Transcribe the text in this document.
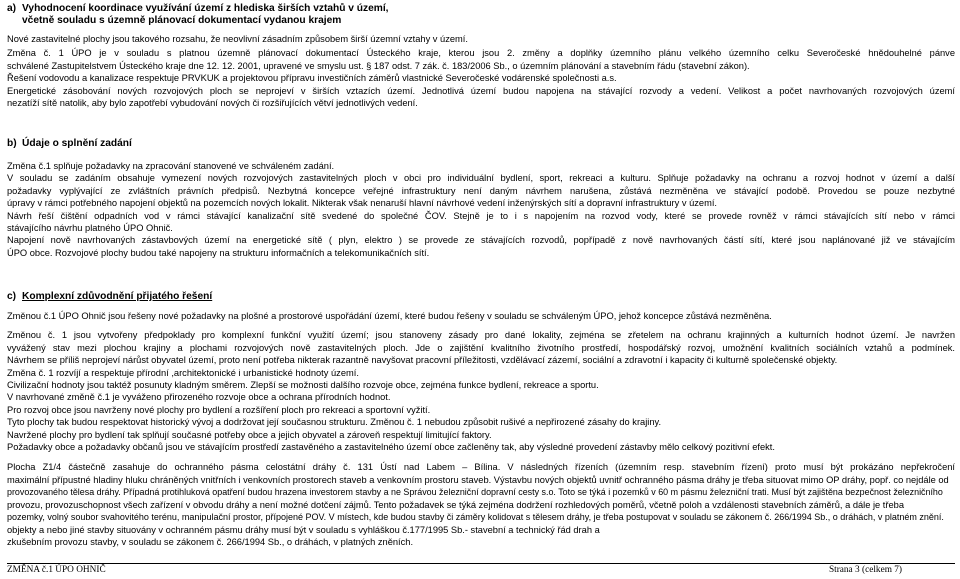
a) Vyhodnocení koordinace využívání území z hlediska širších vztahů v území,
včetně souladu s územně plánovací dokumentací vydanou krajem

Nové zastavitelné plochy jsou takového rozsahu, že neovlivní zásadním způsobem širší územní vztahy v území.

Změna č. 1 ÚPO je v souladu s platnou územně plánovací dokumentací Ústeckého kraje, kterou jsou 2. změny a doplňky územního plánu velkého územního celku Severočeské hnědouhelné pánve

schválené Zastupitelstvem Ústeckého kraje dne 12. 12. 2001, upravené ve smyslu ust. § 187 odst. 7 zák. č. 183/2006 Sb., o územním plánování a stavebním řádu (stavební zákon).

Řešení vodovodu a kanalizace respektuje PRVKUK a projektovou přípravu investičních záměrů vlastnické Severočeské vodárenské společnosti a.s.

Energetické zásobování nových rozvojových ploch se neprojeví v širších vztazích území. Jednotlivá území budou napojena na stávající rozvody a vedení. Velikost a počet navrhovaných rozvojových území

nezatíží sítě natolik, aby bylo zapotřebí vybudování nových či rozšiřujících větví jednotlivých vedení.

b) Údaje o splnění zadání

Změna č.1 splňuje požadavky na zpracování stanovené ve schváleném zadání.

V souladu se zadáním obsahuje vymezení nových rozvojových zastavitelných ploch v obci pro individuální bydlení, sport, rekreaci a kulturu. Splňuje požadavky na ochranu a rozvoj hodnot v území a další

požadavky vyplývající ze zvláštních právních předpisů. Nezbytná koncepce veřejné infrastruktury není daným návrhem narušena, zůstává nezměněna ve stávající podobě. Provedou se pouze nezbytné

úpravy v rámci potřebného napojení objektů na pozemcích nových lokalit. Nikterak však nenaruší hlavní návrhové vedení inženýrských sítí a dopravní infrastruktury v území.

Návrh řeší čištění odpadních vod v rámci stávající kanalizační sítě svedené do společné ČOV. Stejně je to i s napojením na rozvod vody, které se provede rovněž v rámci stávajících sítí nebo v rámci

stávajícího návrhu platného ÚPO Ohnič.

Napojení nově navrhovaných zástavbových území na energetické sítě ( plyn, elektro ) se provede ze stávajících rozvodů, popřípadě z nově navrhovaných částí sítí, které jsou naplánované již ve stávajícím

ÚPO obce. Rozvojové plochy budou také napojeny na strukturu informačních a telekomunikačních sítí.

c) Komplexní zdůvodnění přijatého řešení

Změnou č.1 ÚPO Ohnič jsou řešeny nové požadavky na plošné a prostorové uspořádání území, které budou řešeny v souladu se schváleným ÚPO, jehož koncepce zůstává nezměněna.

Změnou č. 1 jsou vytvořeny předpoklady pro komplexní funkční využití území; jsou stanoveny zásady pro dané lokality, zejména se zřetelem na ochranu krajinných a kulturních hodnot území. Je navržen

vyvážený stav mezi plochou krajiny a plochami rozvojových nově zastavitelných ploch. Jde o zajištění kvalitního životního prostředí, hospodářský rozvoj, umožnění kvalitních sociálních vztahů a podmínek.

Návrhem se příliš neprojeví nárůst obyvatel území, proto není potřeba nikterak razantně navyšovat pracovní příležitosti, vzdělávací zázemí, sociální a zdravotní i kapacity či kulturně společenské objekty.

Změna č. 1 rozvíjí a respektuje přírodní ,architektonické i urbanistické hodnoty území.

Civilizační hodnoty jsou taktéž posunuty kladným směrem. Zlepší se možnosti dalšího rozvoje obce, zejména funkce bydlení, rekreace a sportu.

V navrhované změně č.1 je vyváženo přirozeného rozvoje obce a ochrana přírodních hodnot.

Pro rozvoj obce jsou navrženy nové plochy pro bydlení a rozšíření ploch pro rekreaci a sportovní vyžití.

Tyto plochy tak budou respektovat historický vývoj a dodržovat její současnou strukturu. Změnou č. 1 nebudou způsobit rušivé a nepřirozené zásahy do krajiny.

Navržené plochy pro bydlení tak splňují současné potřeby obce a jejich obyvatel a zároveň respektují limitující faktory.

Požadavky obce a požadavky občanů jsou ve stávajícím prostředí zastavěného a zastavitelného území obce začleněny tak, aby výsledné provedení zástavby mělo celkový pozitivní efekt.

Plocha Z1/4 částečně zasahuje do ochranného pásma celostátní dráhy č. 131 Ústí nad Labem – Bílina. V následných řízeních (územním resp. stavebním řízení) proto musí být prokázáno nepřekročení

maximální přípustné hladiny hluku chráněných vnitřních i venkovních prostorech staveb a venkovním prostoru staveb. Výstavbu nových objektů uvnitř ochranného pásma dráhy je třeba situovat mimo OP dráhy, popř. co nejdále od

provozovaného tělesa dráhy. Případná protihluková opatření budou hrazena investorem stavby a ne Správou železniční dopravní cesty s.o. Toto se týká i pozemků v 60 m pásmu železniční trati. Musí být zajištěna bezpečnost železničního

provozu, provozuschopnost všech zařízení v obvodu dráhy a není možné dotčení zájmů. Tento požadavek se týká zejména dodržení rozhledových poměrů, včetně poloh a vzdálenosti stavebních záměrů, a dále je třeba

pozemky, volný soubor svahovitého terénu, manipulační prostor, přípojené POV. V místech, kde budou stavby či záměry kolidovat s tělesem dráhy, je třeba postupovat v souladu se zákonem č. 266/1994 Sb., o dráhách, v platném znění.

objekty a nebo jiné stavby situovány v ochranném pásmu dráhy musí být v souladu s vyhláškou č.177/1995 Sb.- stavební a technický řád drah a

zkušebním provozu stavby, v souladu se zákonem č. 266/1994 Sb., o dráhách, v platných zněních.

ZMĚNA č.1 ÚPO OHNIČ	Strana 3 (celkem 7)
